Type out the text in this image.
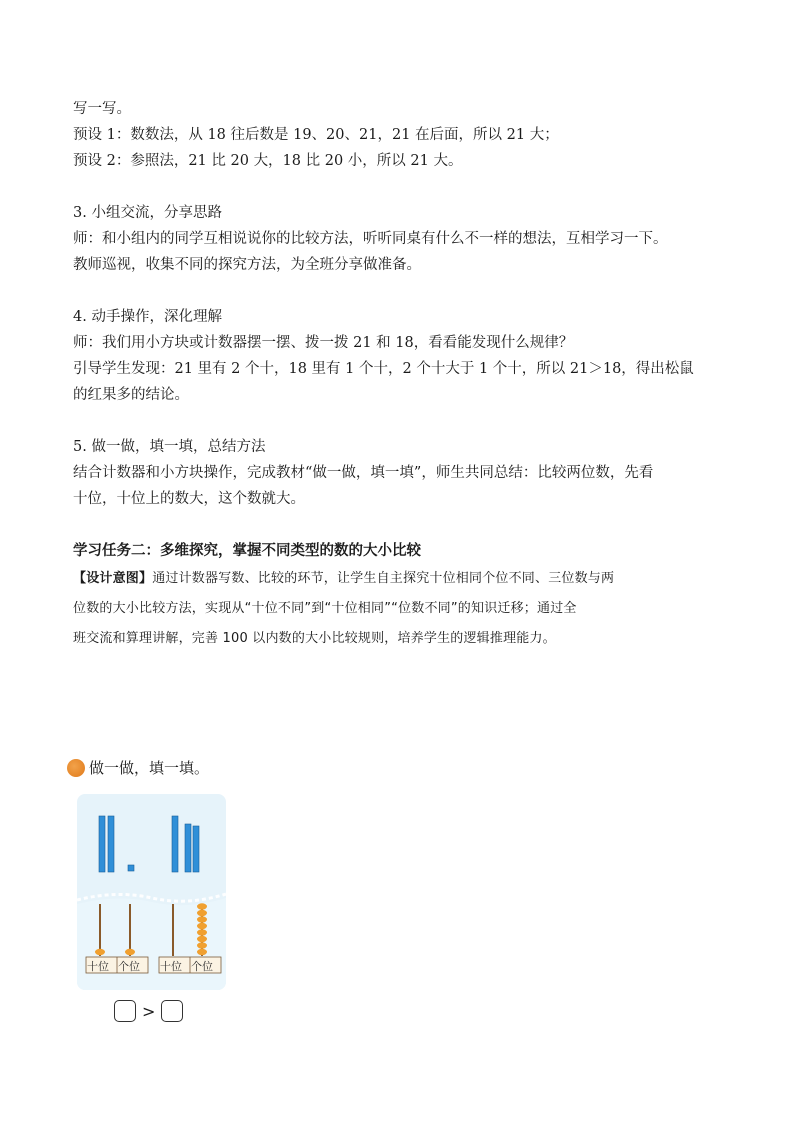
写一写。
预设 1：数数法，从 18 往后数是 19、20、21，21 在后面，所以 21 大；
预设 2：参照法，21 比 20 大，18 比 20 小，所以 21 大。
3. 小组交流，分享思路
师：和小组内的同学互相说说你的比较方法，听听同桌有什么不一样的想法，互相学习一下。
教师巡视，收集不同的探究方法，为全班分享做准备。
4. 动手操作，深化理解
师：我们用小方块或计数器摆一摆、拨一拨 21 和 18，看看能发现什么规律？
引导学生发现：21 里有 2 个十，18 里有 1 个十，2 个十大于 1 个十，所以 21＞18，得出松鼠
的红果多的结论。
5. 做一做，填一填，总结方法
结合计数器和小方块操作，完成教材“做一做，填一填”，师生共同总结：比较两位数，先看
十位，十位上的数大，这个数就大。
学习任务二：多维探究，掌握不同类型的数的大小比较
【设计意图】通过计数器写数、比较的环节，让学生自主探究十位相同个位不同、三位数与两
位数的大小比较方法，实现从“十位不同”到“十位相同”“位数不同”的知识迁移；通过全
班交流和算理讲解，完善 100 以内数的大小比较规则，培养学生的逻辑推理能力。
做一做，填一填。
十位 个位 十位 个位
>
